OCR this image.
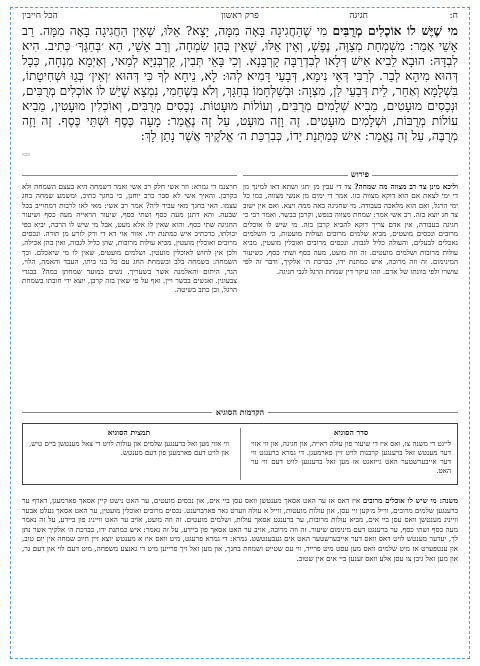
ח:
חגיגה
פרק ראשון
הכל חייבין
מי שֶׁיֶּשׁ לוֹ אוֹכְלִים מְרֻבִּים מִי שֶׁהַחֲגִיגָה בָּאָה מִמָּה, יָצָא? אֵלּוּ, שֶׁאֵין הַחֲגִיגָה בָּאָה מִמָּה. רַב אָשֵׁי אָמַר: מִשְׁמְחַת מְצַוֶּה, נֶפֶשְׁ, וְאֵין אֵלּוּ, שֶׁאֵין בְּהֵן שִׂמְחָה, וְרָב אָשֵׁי, הֵא ׳בְּחַגֶּךָ׳ כְּתִיב. הִיא לִבְדָּהּ: הוּבָא לֵבִיא אִישׁ דְּלָאו לְבִדְרַבָּה קָרְבָּנָא. וְכִי בָּאֵי תְּבִין, קָרְבְּנִיָּא לְמַאי, וְאַיְמָא מִנְחָה, כְּכָל דְּהוּא מִיהָא לְבַר. לְרַבִּי דְּאֵי נִימָא, דְּבָעֵי דָּמִיא לְהוּ: לָא, נֵיחָא לְךָ כִּי דְּהוּא ׳וְאֵין׳ בְּגֵוּ וּשְׁחִיטָתוֹ, בִּשְׁלָמָא וְאַחַר, לֵית דְּבַעֵי לַן, מִצְוָה: וּבְשַׁלְּחָמוֹ בְּחַגָּךְ, וְלֹא בְּשֶׁחֵמִי, נִמְצָא שֶׁיֵּשׁ לוֹ אוֹכְלִים מְרֻבִּים, וּנְכָסִים מוּעָטִים, מֵבִיא שְׁלָמִים מְרֻבִּים, וְעוֹלוֹת מוּעָטוֹת. נְכָסִים מְרֻבִּים, וְאוֹכְלִין מוּעָטִין, מֵבִיא עוֹלוֹת מְרֻבּוֹת, וּשְׁלָמִים מוּעָטִים. זֶה וָזֶה מוּעָט, עַל זֶה נֶאֱמַר: מָעָה כֶּסֶף וּשְׁתֵּי כֶּסֶף. זֶה וָזֶה מְרֻבֶּה, עַל זֶה נֶאֱמַר: אִישׁ כְּמַתְּנַת יָדוֹ, כְּבִרְכַּת ה׳ אֱלֹקֶיךָ אֲשֶׁר נָתַן לָךְ:
אבא
פירוש
וליכא מינן צד רב מצווה מה שמחה? צד די עבין מן ׳חג׳ ושתא דאו למינך מן די ימי לצאת אם הוא דוקא מצווה כזו. אמר די ימים מן אנשי מצווה, כמו כל ימי הרגל, ואם הוא מלאכה בעבודה. מי שחגיגה באה ממה ויצא. ואם אין ישוב צד חג יוצא בזה. רב אשי אמר: שמחת מצווה בנפש, וקרבן בבשר. ואמר רבי כי חגיגה בעבודה, אין אדם צריך דוקא להביא קרבן כזה. מי שיש לו אוכלים מרובים ונכסים מועטים, מביא שלמים מרובים ועולות מועטות, כי השלמים נאכלים לבעלים, והעולה כליל לגבוה. ונכסים מרובים ואוכלין מועטין, מביא עולות מרובות ושלמים מועטים. זה וזה מועט, מעה כסף ושתי כסף, כשיעור המינימום. זה וזה מרובה, איש כמתנת ידו, כברכת ה׳ אלקיך, ודבר זה לפי עושרו ולפי כוונתו של אדם. וזהו עיקר דין שמחת הרגל לגבי חגיגה.
חרצנמ די גמרא: וזר אשי חלק רב אשי ואמר דשמחה היא בעצם השמחה ולא בקרבן. והאיך אשי לא סבר כרב יוחנן, כי בחגך כתיב, ומשמע שמחה בחג עצמו. האי בחגך מאי עביד ליה? אמר רב אשי: מאי לאו לרבות דמחוייב בכל שבעה. והא דתנן מעה כסף ושתי כסף, שיעור הראייה מעה כסף ושיעור החגיגה שתי כסף. והוא שאין לו אלא מעט, אבל מי שיש לו הרבה, יביא כפי יכולתו, כדכתיב איש כמתנת ידו. אזור אוי דא די ורק לזרע מן תורה. ונכסים מרובים ואוכלין מועטין, מביא עולות מרובות, שהן כליל לגבוה, ואין בהן אכילה, ולכן אין לחוש לאוכלין מועטין. ושלמים מועטים, שאין לו מי שיאכלם. וכך השמחה: בשמחה בלב ובשמחת החג עם כל בני ביתו, העבד והאמה, הלוי, הגר, היתום והאלמנה אשר בשעריך. נשים במועד שמחתן במה? בבגדי צבעונין. ואנשים בבשר ויין. ואף על פי שאין בזה קרבן, יוצא ידי חובתו בשמחת הרגל, וכן כתב בשיטה.
הקדמות הסוגיא
סדר הסוגיא
לייגט די משנה צו, ואס איז די שיעור פון עולה ראייה, און חגיגה, און ווי אזוי דער מענטש זאל ברענגען קרבנות לויט זיין פארמעגן. די גמרא ברענגט ווי דער אייבערשטער האט גייזאגט אז מען זאל ברענגען לויט דעם ווי ער האט.
תמצית הסוגיא
ווי אזוי מען זאל ברענגען שלמים און עולות לויט די צאל מענטשן ביים טיש, און לויט דעם פארמעגן פון דעם מענטש.
משנה: מי שיש לו אוכלים מרובים איז דאס אז ער האט אסאך מענטשן וואס עסן ביי אים, און נכסים מועטים, ער האט נישט קיין אסאך פארמעגן, דארף ער ברענגען שלמים מרובים, ווייל מ׳קען זיי עסן, און עולות מועטות, ווייל א עולה ווערט גאר פארברענט. נכסים מרובים ואוכלין מועטין, ער האט אסאך געלט אבער ווייניג מענטשן וואס עסן ביי אים, מביא עולות מרובות, ער ברענגט אסאך עולות, ושלמים מועטים. זה וזה מועט, אויב ער האט ווייניג פון ביידע, על זה נאמר מעה כסף ושתי כסף, ער ברענגט דעם מינימום שיעור. זה וזה מרובה, אויב ער האט אסאך פון ביידע, על זה נאמר: איש כמתנת ידו, כברכת ה׳ אלקיך אשר נתן לך, יעדער מענטש לויט דאס וואס דער אייבערשטער האט אים געבענטשט. גמרא: די גמרא פרעגט, מיט וואס איז א מענטש יוצא זיין חיוב שמחה אין יום טוב, און ענטפערט אז מיט שלמים וואס מען עסט מיט פרייד, ווי עס שטייט ושמחת בחגך, און מען זאל זיך פרייען מיט די גאנצע משפחה, מיט דעם לוי און דעם גר, און מען זאל גיבן צו עסן אלע וואס זענען ביי אים אין שטוב.
